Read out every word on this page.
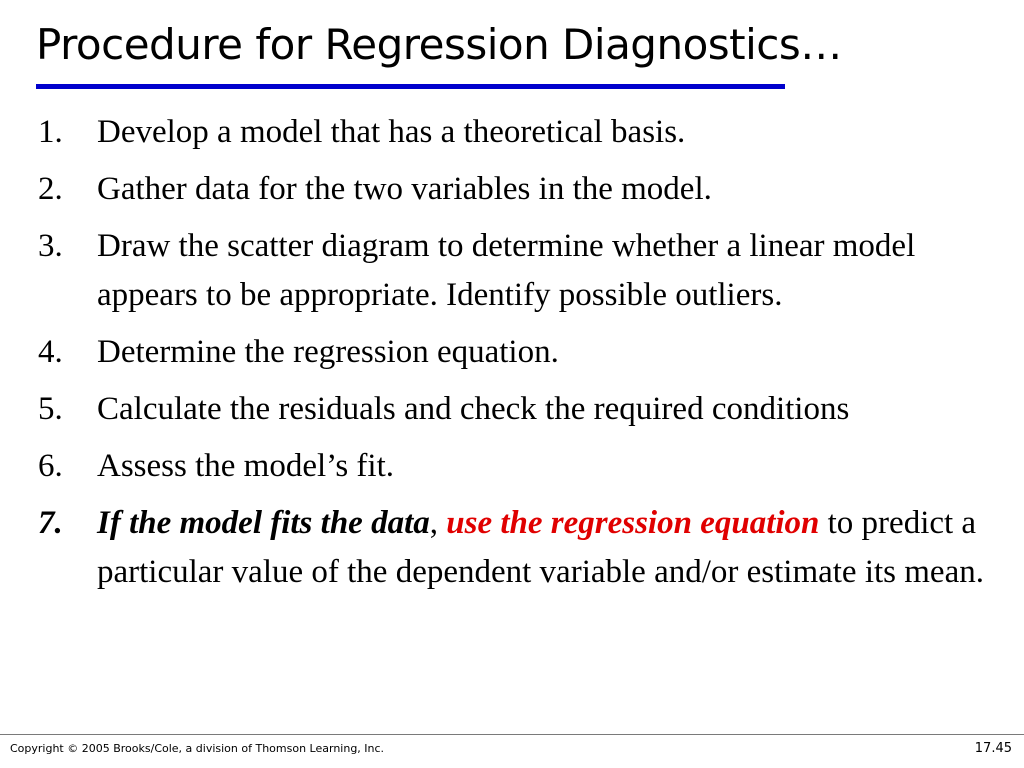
Procedure for Regression Diagnostics…
1.	Develop a model that has a theoretical basis.
2.	Gather data for the two variables in the model.
3.	Draw the scatter diagram to determine whether a linear model appears to be appropriate. Identify possible outliers.
4.	Determine the regression equation.
5.	Calculate the residuals and check the required conditions
6.	Assess the model’s fit.
7.	If the model fits the data, use the regression equation to predict a particular value of the dependent variable and/or estimate its mean.
Copyright © 2005 Brooks/Cole, a division of Thomson Learning, Inc.	17.45
